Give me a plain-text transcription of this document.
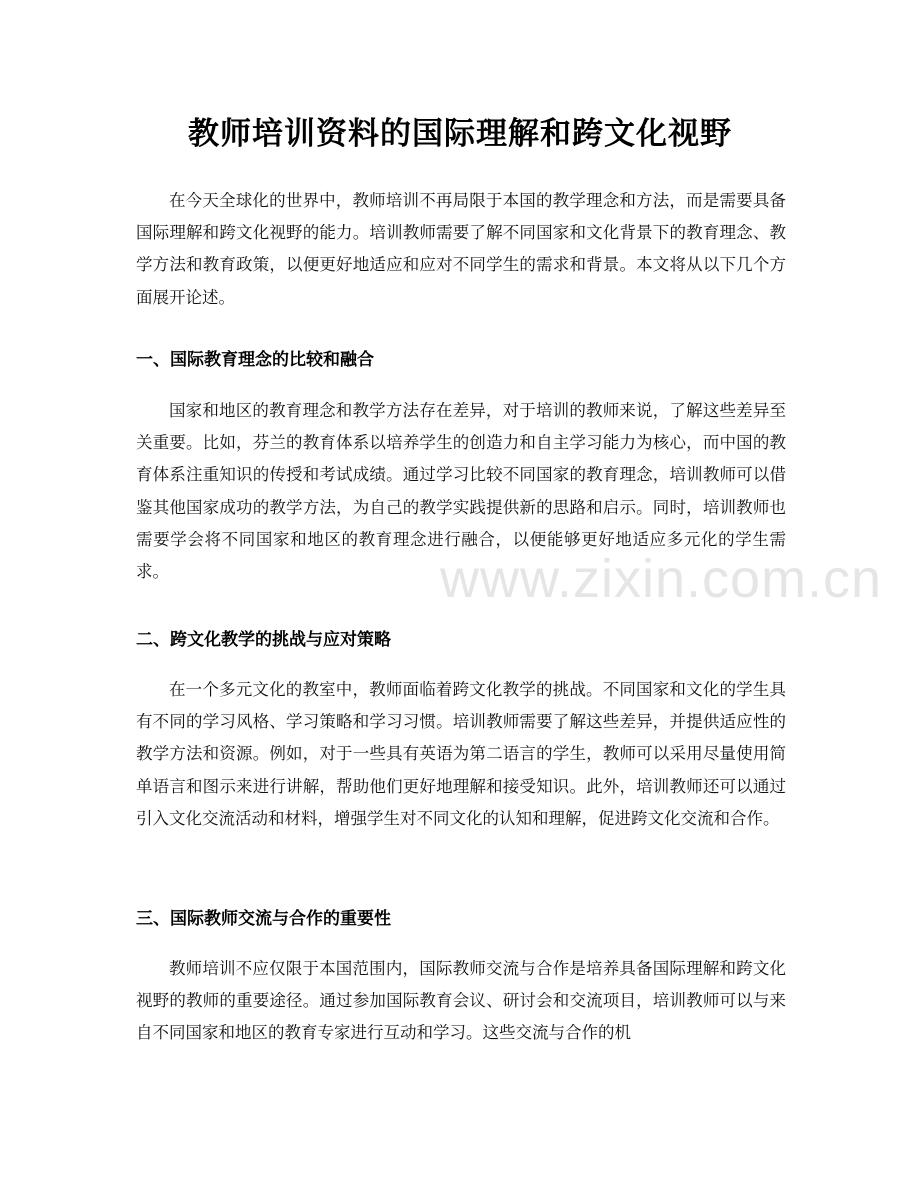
教师培训资料的国际理解和跨文化视野

在今天全球化的世界中，教师培训不再局限于本国的教学理念和方法，而是需要具备国际理解和跨文化视野的能力。培训教师需要了解不同国家和文化背景下的教育理念、教学方法和教育政策，以便更好地适应和应对不同学生的需求和背景。本文将从以下几个方面展开论述。

一、国际教育理念的比较和融合

国家和地区的教育理念和教学方法存在差异，对于培训的教师来说，了解这些差异至关重要。比如，芬兰的教育体系以培养学生的创造力和自主学习能力为核心，而中国的教育体系注重知识的传授和考试成绩。通过学习比较不同国家的教育理念，培训教师可以借鉴其他国家成功的教学方法，为自己的教学实践提供新的思路和启示。同时，培训教师也需要学会将不同国家和地区的教育理念进行融合，以便能够更好地适应多元化的学生需求。

二、跨文化教学的挑战与应对策略

在一个多元文化的教室中，教师面临着跨文化教学的挑战。不同国家和文化的学生具有不同的学习风格、学习策略和学习习惯。培训教师需要了解这些差异，并提供适应性的教学方法和资源。例如，对于一些具有英语为第二语言的学生，教师可以采用尽量使用简单语言和图示来进行讲解，帮助他们更好地理解和接受知识。此外，培训教师还可以通过引入文化交流活动和材料，增强学生对不同文化的认知和理解，促进跨文化交流和合作。

三、国际教师交流与合作的重要性

教师培训不应仅限于本国范围内，国际教师交流与合作是培养具备国际理解和跨文化视野的教师的重要途径。通过参加国际教育会议、研讨会和交流项目，培训教师可以与来自不同国家和地区的教育专家进行互动和学习。这些交流与合作的机

www.zixin.com.cn
